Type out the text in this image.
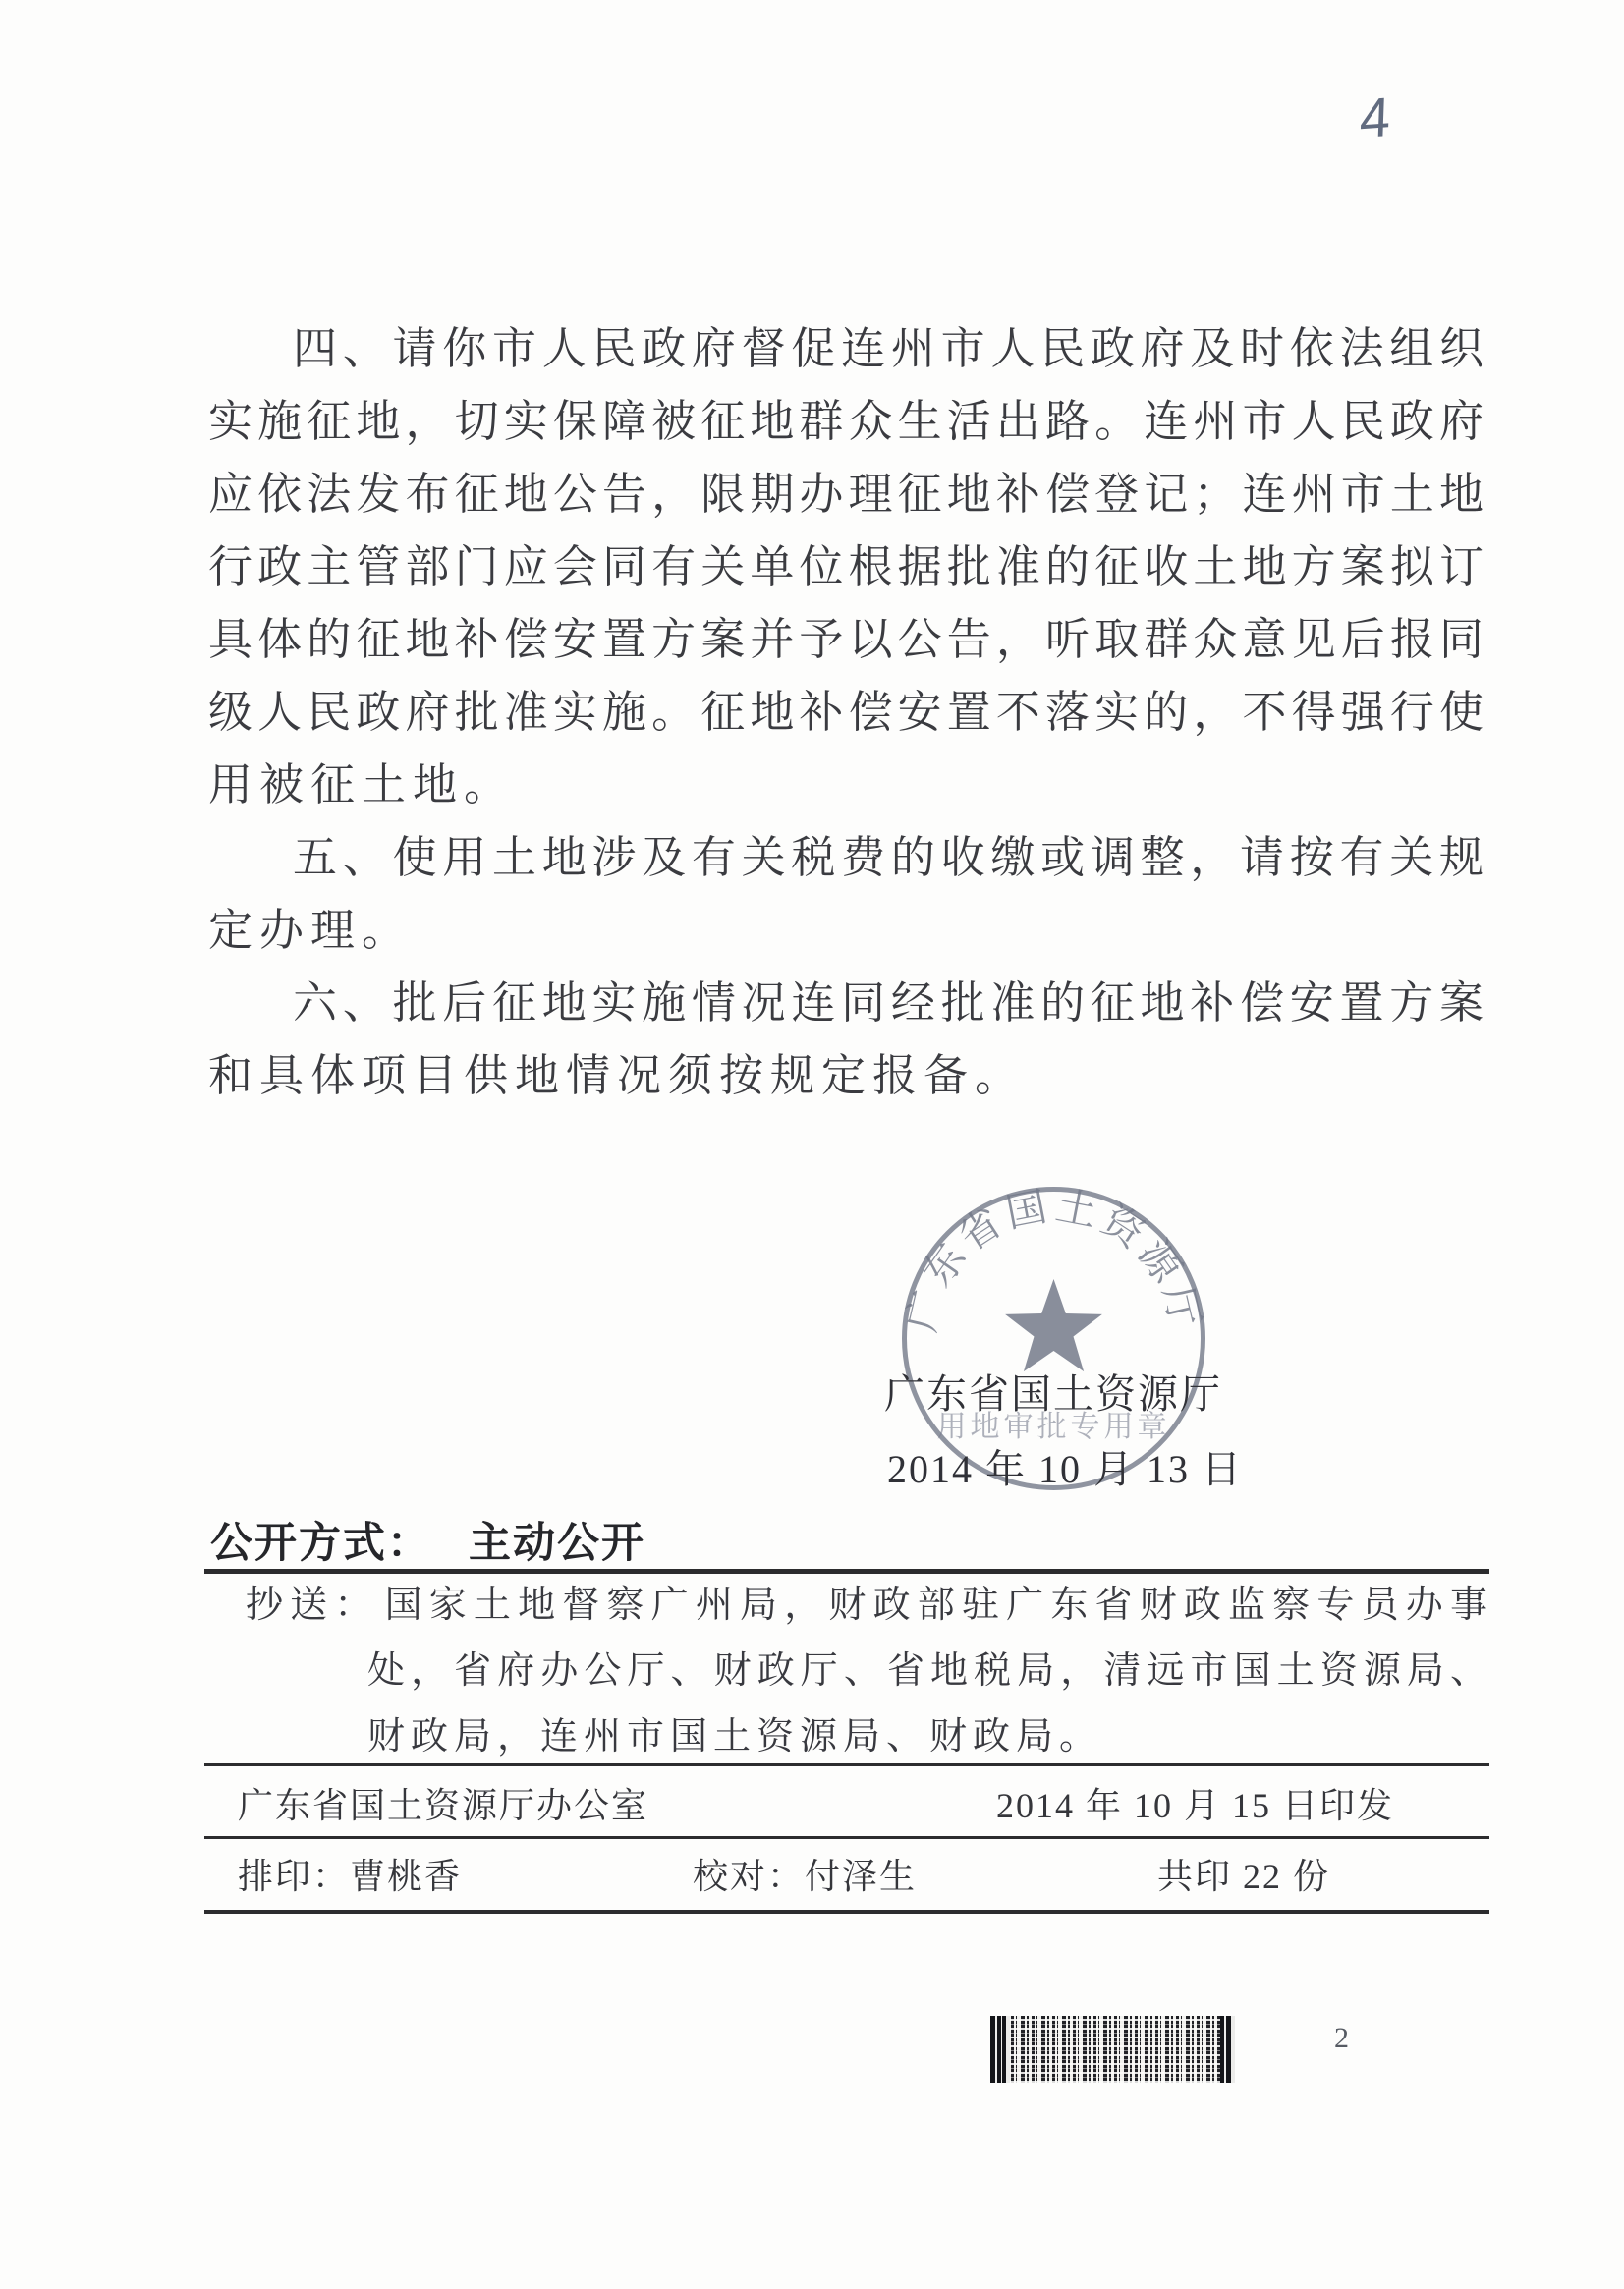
4
四、请你市人民政府督促连州市人民政府及时依法组织
实施征地，切实保障被征地群众生活出路。连州市人民政府
应依法发布征地公告，限期办理征地补偿登记；连州市土地
行政主管部门应会同有关单位根据批准的征收土地方案拟订
具体的征地补偿安置方案并予以公告，听取群众意见后报同
级人民政府批准实施。征地补偿安置不落实的，不得强行使
用被征土地。
五、使用土地涉及有关税费的收缴或调整，请按有关规
定办理。
六、批后征地实施情况连同经批准的征地补偿安置方案
和具体项目供地情况须按规定报备。
广东省国土资源厅
用地审批专用章
广东省国土资源厅
2014 年 10 月 13 日
公开方式： 主动公开
抄送： 国家土地督察广州局，财政部驻广东省财政监察专员办事
处，省府办公厅、财政厅、省地税局，清远市国土资源局、
财政局，连州市国土资源局、财政局。
广东省国土资源厅办公室	2014 年 10 月 15 日印发
排印：曹桃香	校对：付泽生	共印 22 份
2
